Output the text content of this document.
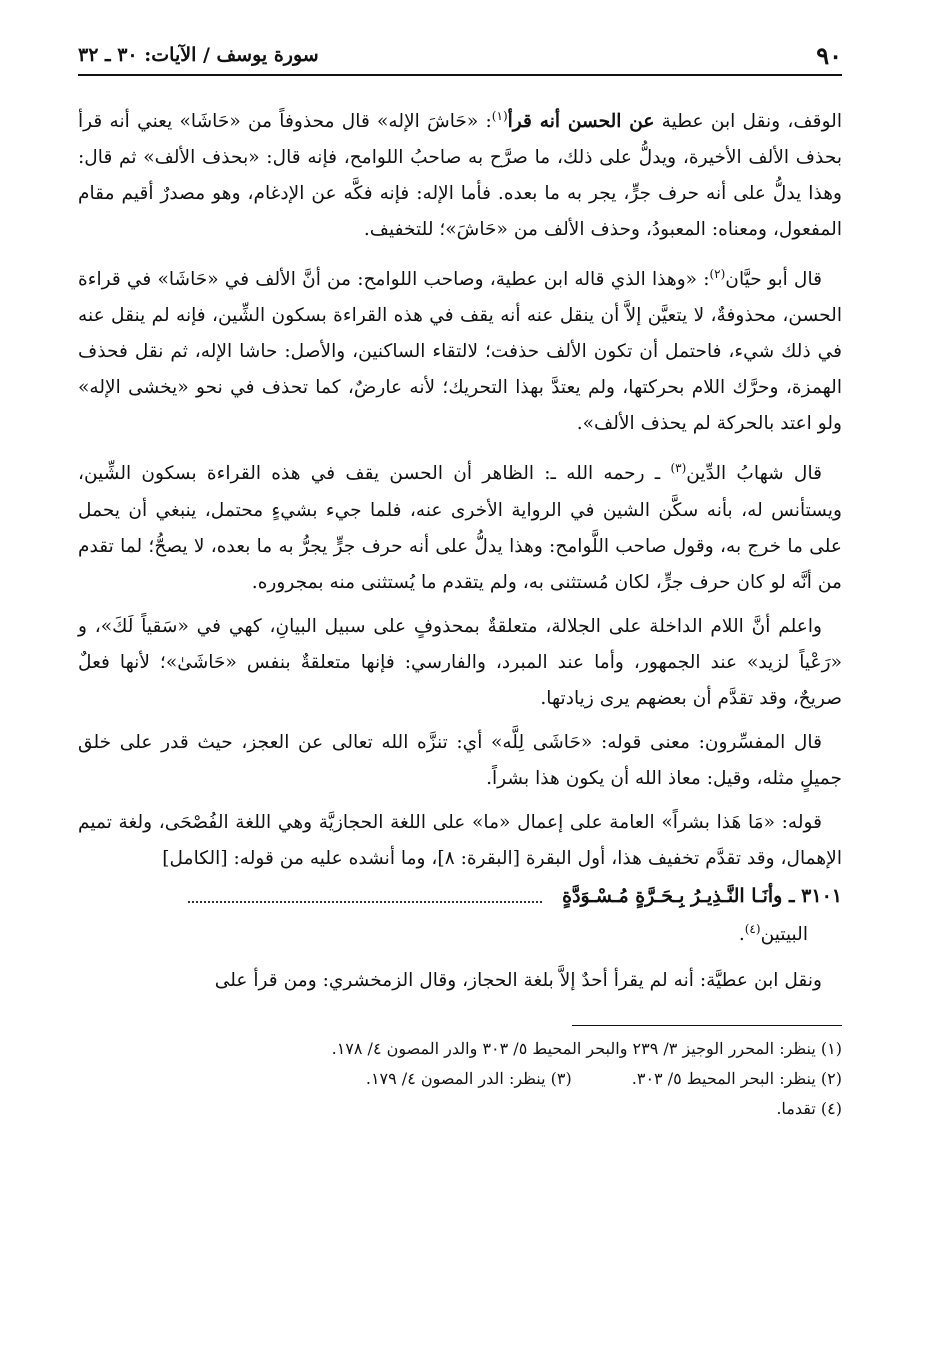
٩٠
سورة يوسف / الآيات: ٣٠ ـ ٣٢

الوقف، ونقل ابن عطية عن الحسن أنه قرأ$^{(١)}$: «حَاشَ الإله» قال محذوفاً من «حَاشَا» يعني أنه قرأ بحذف الألف الأخيرة، ويدلُّ على ذلك، ما صرَّح به صاحبُ اللوامح، فإنه قال: «بحذف الألف» ثم قال: وهذا يدلُّ على أنه حرف جرٍّ، يجر به ما بعده. فأما الإله: فإنه فكَّه عن الإدغام، وهو مصدرٌ أقيم مقام المفعول، ومعناه: المعبودُ، وحذف الألف من «حَاشَ»؛ للتخفيف.

قال أبو حيَّان$^{(٢)}$: «وهذا الذي قاله ابن عطية، وصاحب اللوامح: من أنَّ الألف في «حَاشَا» في قراءة الحسن، محذوفةٌ، لا يتعيَّن إلاَّ أن ينقل عنه أنه يقف في هذه القراءة بسكون الشِّين، فإنه لم ينقل عنه في ذلك شيء، فاحتمل أن تكون الألف حذفت؛ لالتقاء الساكنين، والأصل: حاشا الإله، ثم نقل فحذف الهمزة، وحرَّك اللام بحركتها، ولم يعتدَّ بهذا التحريك؛ لأنه عارضٌ، كما تحذف في نحو «يخشى الإله» ولو اعتد بالحركة لم يحذف الألف».

قال شهابُ الدِّين$^{(٣)}$ ـ رحمه الله ـ: الظاهر أن الحسن يقف في هذه القراءة بسكون الشِّين، ويستأنس له، بأنه سكَّن الشين في الرواية الأخرى عنه، فلما جيء بشيءٍ محتمل، ينبغي أن يحمل على ما خرج به، وقول صاحب اللَّوامح: وهذا يدلُّ على أنه حرف جرٍّ يجرُّ به ما بعده، لا يصحُّ؛ لما تقدم من أنَّه لو كان حرف جرٍّ، لكان مُستثنى به، ولم يتقدم ما يُستثنى منه بمجروره.

واعلم أنَّ اللام الداخلة على الجلالة، متعلقةٌ بمحذوفٍ على سبيل البيانِ، كهي في «سَقياً لَكَ»، و «رَعْياً لزيد» عند الجمهور، وأما عند المبرد، والفارسي: فإنها متعلقةٌ بنفس «حَاشَىٰ»؛ لأنها فعلٌ صريحٌ، وقد تقدَّم أن بعضهم يرى زيادتها.

قال المفسِّرون: معنى قوله: «حَاشَى لِلَّه» أي: تنزَّه الله تعالى عن العجز، حيث قدر على خلق جميلٍ مثله، وقيل: معاذ الله أن يكون هذا بشراً.

قوله: «مَا هَذا بشراً» العامة على إعمال «ما» على اللغة الحجازيَّة وهي اللغة الفُصْحَى، ولغة تميم الإهمال، وقد تقدَّم تخفيف هذا، أول البقرة [البقرة: ٨]، وما أنشده عليه من قوله: [الكامل]

٣١٠١ ـ وأنَـا النَّـذِيـرُ بِـحَـرَّةٍ مُـسْـوَدَّةٍ
البيتين$^{(٤)}$.

ونقل ابن عطيَّة: أنه لم يقرأ أحدٌ إلاَّ بلغة الحجاز، وقال الزمخشري: ومن قرأ على

(١) ينظر: المحرر الوجيز ٣/ ٢٣٩ والبحر المحيط ٥/ ٣٠٣ والدر المصون ٤/ ١٧٨.
(٢) ينظر: البحر المحيط ٥/ ٣٠٣.
(٣) ينظر: الدر المصون ٤/ ١٧٩.
(٤) تقدما.
